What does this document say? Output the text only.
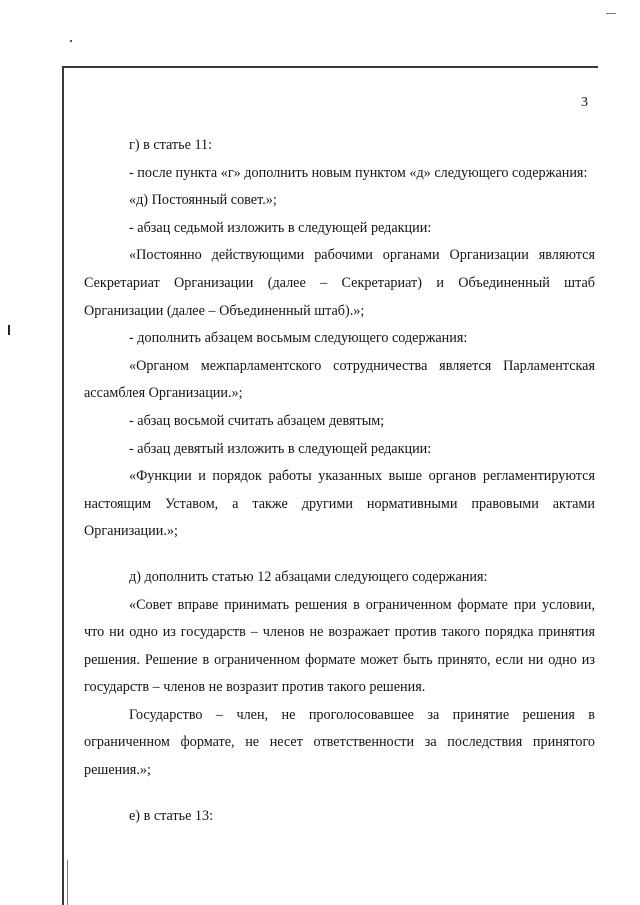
3

г) в статье 11:

- после пункта «г» дополнить новым пунктом «д» следующего содержания:

«д) Постоянный совет.»;

- абзац седьмой изложить в следующей редакции:

«Постоянно действующими рабочими органами Организации являются Секретариат Организации (далее – Секретариат) и Объединенный штаб Организации (далее – Объединенный штаб).»;

- дополнить абзацем восьмым следующего содержания:

«Органом межпарламентского сотрудничества является Парламентская ассамблея Организации.»;

- абзац восьмой считать абзацем девятым;

- абзац девятый изложить в следующей редакции:

«Функции и порядок работы указанных выше органов регламентируются настоящим Уставом, а также другими нормативными правовыми актами Организации.»;

д) дополнить статью 12 абзацами следующего содержания:

«Совет вправе принимать решения в ограниченном формате при условии, что ни одно из государств – членов не возражает против такого порядка принятия решения. Решение в ограниченном формате может быть принято, если ни одно из государств – членов не возразит против такого решения.

Государство – член, не проголосовавшее за принятие решения в ограниченном формате, не несет ответственности за последствия принятого решения.»;

е) в статье 13:
